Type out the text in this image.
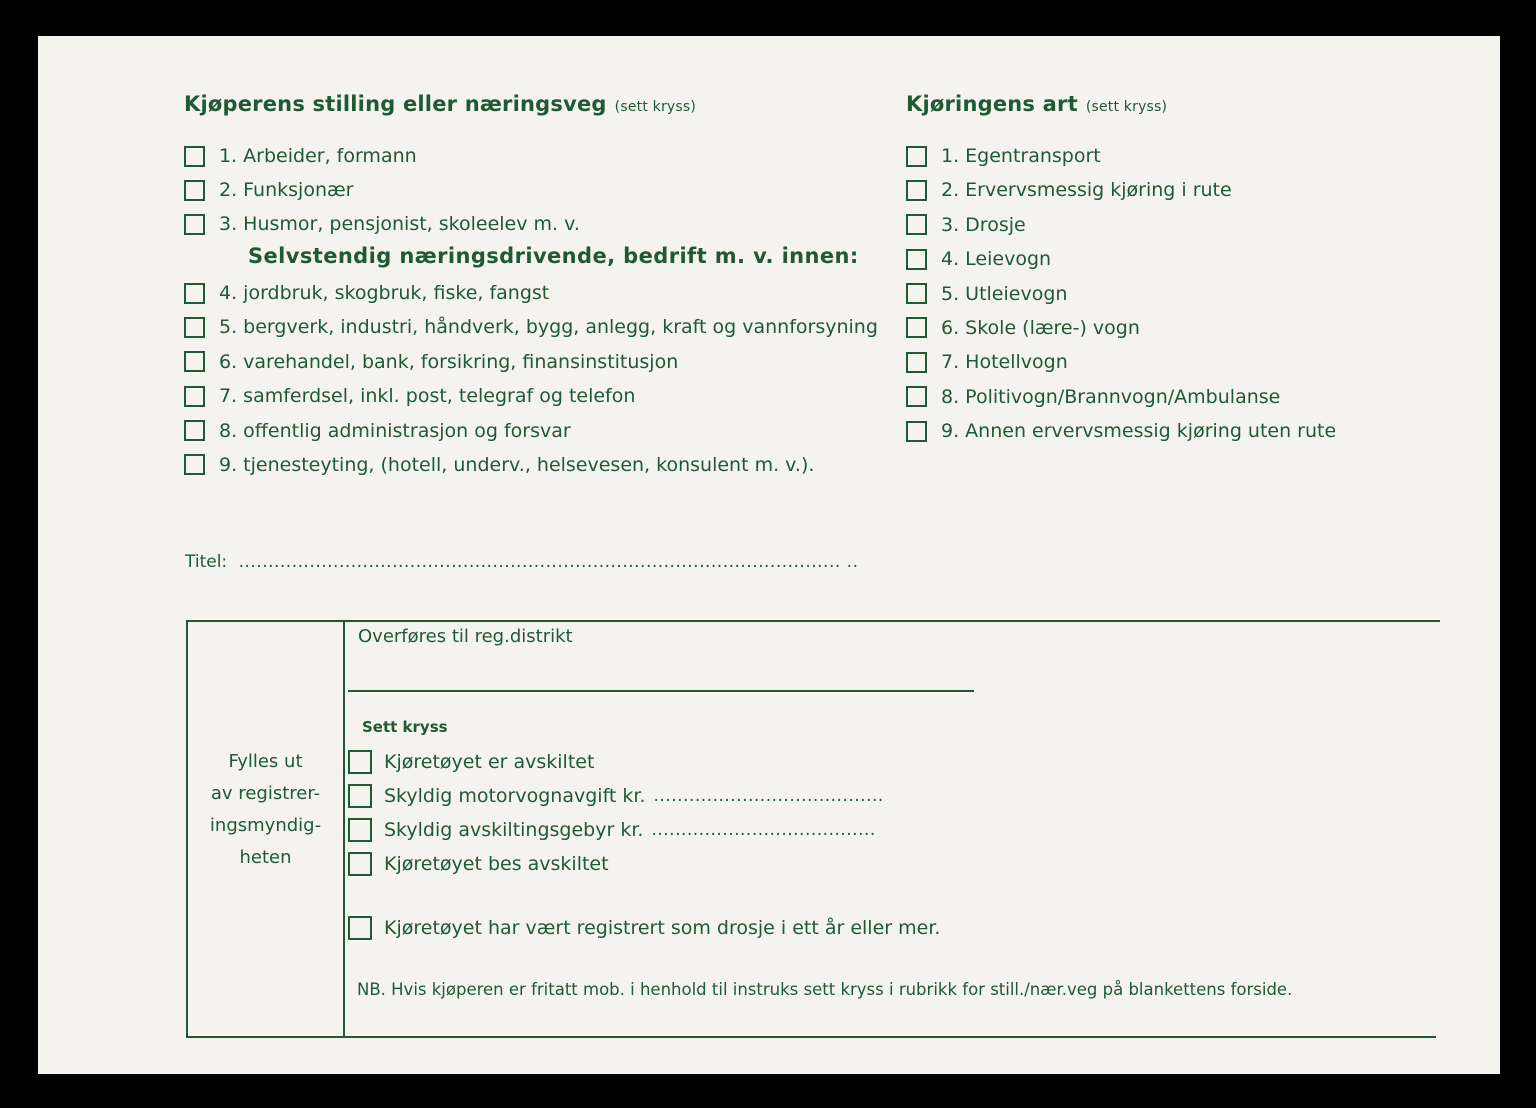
Kjøperens stilling eller næringsveg (sett kryss)
1. Arbeider, formann
2. Funksjonær
3. Husmor, pensjonist, skoleelev m. v.
Selvstendig næringsdrivende, bedrift m. v. innen:
4. jordbruk, skogbruk, fiske, fangst
5. bergverk, industri, håndverk, bygg, anlegg, kraft og vannforsyning
6. varehandel, bank, forsikring, finansinstitusjon
7. samferdsel, inkl. post, telegraf og telefon
8. offentlig administrasjon og forsvar
9. tjenesteyting, (hotell, underv., helsevesen, konsulent m. v.).
Kjøringens art (sett kryss)
1. Egentransport
2. Ervervsmessig kjøring i rute
3. Drosje
4. Leievogn
5. Utleievogn
6. Skole (lære-) vogn
7. Hotellvogn
8. Politivogn/Brannvogn/Ambulanse
9. Annen ervervsmessig kjøring uten rute
Titel: ...................................................................................................... ..
Fylles ut
av registrer-
ingsmyndig-
heten
Overføres til reg.distrikt
Sett kryss
Kjøretøyet er avskiltet
Skyldig motorvognavgift kr. .......................................
Skyldig avskiltingsgebyr kr. ......................................
Kjøretøyet bes avskiltet
Kjøretøyet har vært registrert som drosje i ett år eller mer.
NB. Hvis kjøperen er fritatt mob. i henhold til instruks sett kryss i rubrikk for still./nær.veg på blankettens forside.
